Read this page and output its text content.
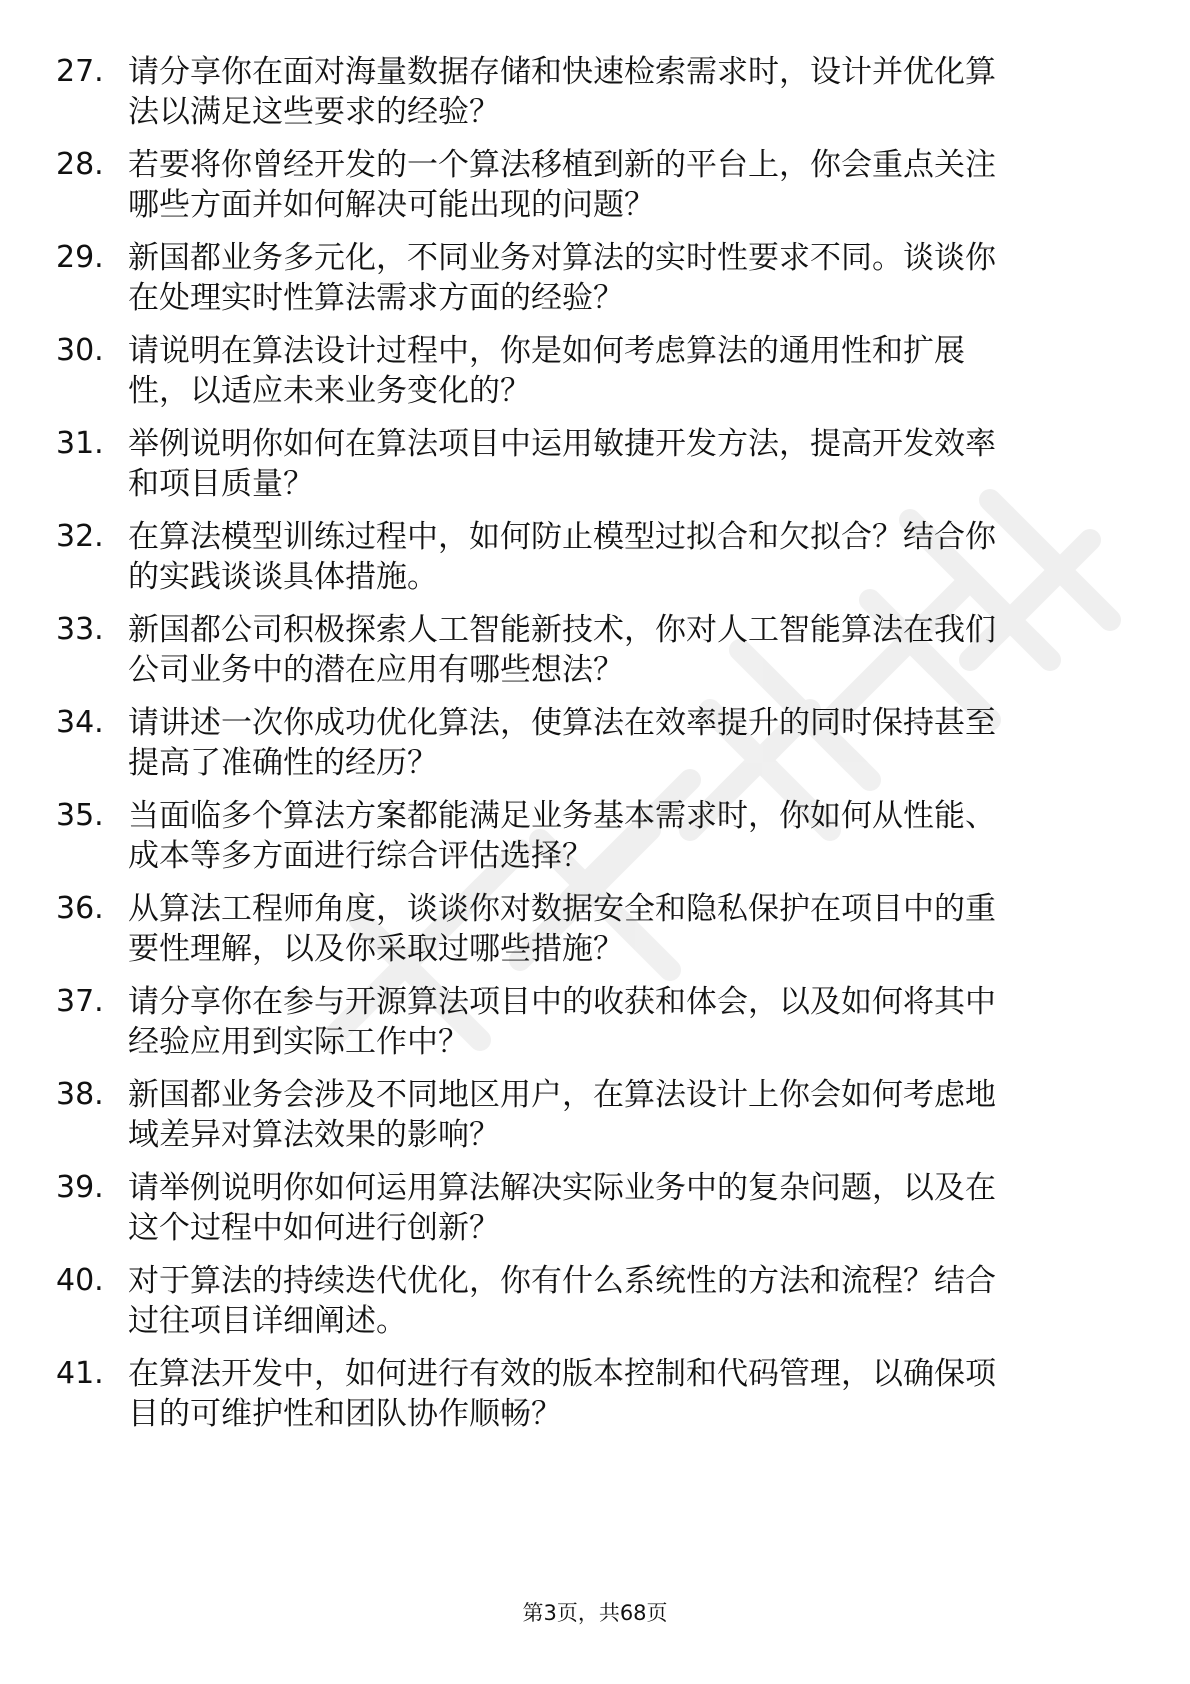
27. 请分享你在面对海量数据存储和快速检索需求时，设计并优化算
法以满足这些要求的经验？
28. 若要将你曾经开发的一个算法移植到新的平台上，你会重点关注
哪些方面并如何解决可能出现的问题？
29. 新国都业务多元化，不同业务对算法的实时性要求不同。谈谈你
在处理实时性算法需求方面的经验？
30. 请说明在算法设计过程中，你是如何考虑算法的通用性和扩展
性，以适应未来业务变化的？
31. 举例说明你如何在算法项目中运用敏捷开发方法，提高开发效率
和项目质量？
32. 在算法模型训练过程中，如何防止模型过拟合和欠拟合？结合你
的实践谈谈具体措施。
33. 新国都公司积极探索人工智能新技术，你对人工智能算法在我们
公司业务中的潜在应用有哪些想法？
34. 请讲述一次你成功优化算法，使算法在效率提升的同时保持甚至
提高了准确性的经历？
35. 当面临多个算法方案都能满足业务基本需求时，你如何从性能、
成本等多方面进行综合评估选择？
36. 从算法工程师角度，谈谈你对数据安全和隐私保护在项目中的重
要性理解，以及你采取过哪些措施？
37. 请分享你在参与开源算法项目中的收获和体会，以及如何将其中
经验应用到实际工作中？
38. 新国都业务会涉及不同地区用户，在算法设计上你会如何考虑地
域差异对算法效果的影响？
39. 请举例说明你如何运用算法解决实际业务中的复杂问题，以及在
这个过程中如何进行创新？
40. 对于算法的持续迭代优化，你有什么系统性的方法和流程？结合
过往项目详细阐述。
41. 在算法开发中，如何进行有效的版本控制和代码管理，以确保项
目的可维护性和团队协作顺畅？
第3页，共68页
